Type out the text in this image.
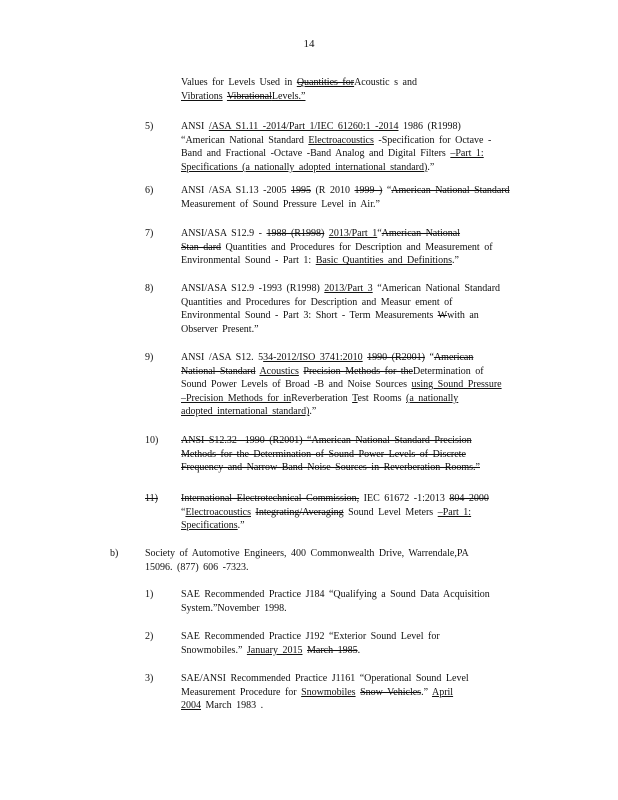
14

Values for Levels Used in Quantities forAcoustic s and

Vibrations VibrationalLevels.”

5)	ANSI /ASA S1.11 -2014/Part 1/IEC 61260:1 -2014 1986 (R1998)

“American National Standard Electroacoustics -Specification for Octave -

Band and Fractional -Octave -Band Analog and Digital Filters –Part 1:

Specifications (a nationally adopted international standard).”

6)	ANSI /ASA S1.13 -2005 1995 (R 2010 1999 ) “American National Standard

Measurement of Sound Pressure Level in Air.”

7)	ANSI/ASA S12.9 - 1988 (R1998) 2013/Part 1“American National

Stan dard Quantities and Procedures for Description and Measurement of

Environmental Sound - Part 1: Basic Quantities and Definitions.”

8)	ANSI/ASA S12.9 -1993 (R1998) 2013/Part 3 “American National Standard

Quantities and Procedures for Description and Measur ement of

Environmental Sound - Part 3: Short - Term Measurements Wwith an

Observer Present.”

9)	ANSI /ASA S12. 534-2012/ISO 3741:2010 1990 (R2001) “American

National Standard Acoustics Precision Methods for theDetermination of

Sound Power Levels of Broad -B and Noise Sources using Sound Pressure

–Precision Methods for inReverberation Test Rooms (a nationally

adopted international standard).”

10) ANSI S12.32 -1990 (R2001) “American National Standard Precision

Methods for the Determination of Sound Power Levels of Discrete

Frequency and Narrow Band Noise Sources in Reverberation Rooms.”

11) International Electrotechnical Commission, IEC 61672 -1:2013 804 2000

“Electroacoustics Integrating/Averaging Sound Level Meters –Part 1:

Specifications.”

b)	Society of Automotive Engineers, 400 Commonwealth Drive, Warrendale,PA

15096. (877) 606 -7323.

1)	SAE Recommended Practice J184 “Qualifying a Sound Data Acquisition

System.”November 1998.

2)	SAE Recommended Practice J192 “Exterior Sound Level for

Snowmobiles.” January 2015 March 1985.

3)	SAE/ANSI Recommended Practice J1161 “Operational Sound Level

Measurement Procedure for Snowmobiles Snow Vehicles.” April

2004 March 1983 .
